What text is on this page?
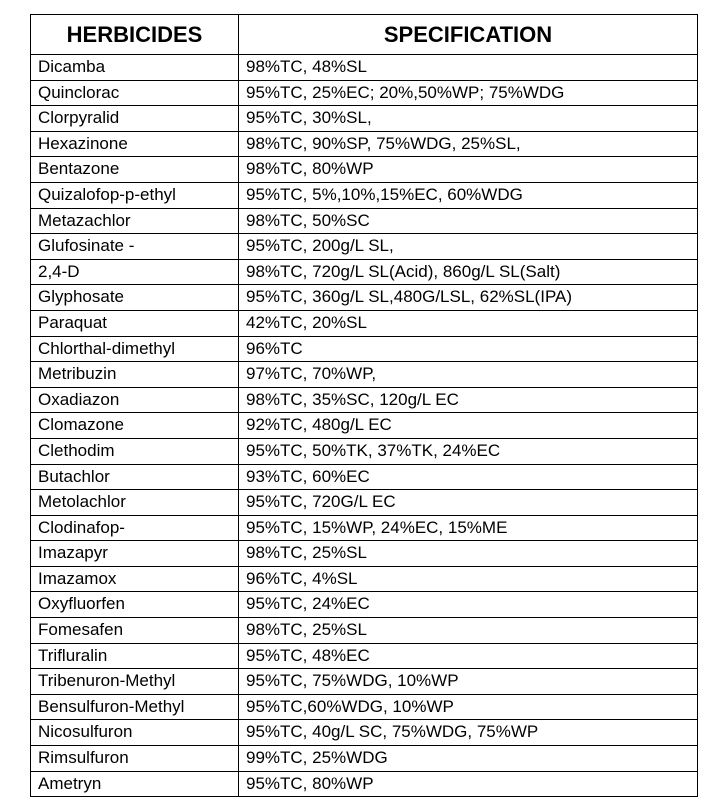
HERBICIDES	SPECIFICATION
Dicamba	98%TC, 48%SL
Quinclorac	95%TC, 25%EC; 20%,50%WP; 75%WDG
Clorpyralid	95%TC, 30%SL,
Hexazinone	98%TC, 90%SP, 75%WDG, 25%SL,
Bentazone	98%TC, 80%WP
Quizalofop-p-ethyl	95%TC, 5%,10%,15%EC, 60%WDG
Metazachlor	98%TC, 50%SC
Glufosinate -	95%TC, 200g/L SL,
2,4-D	98%TC, 720g/L SL(Acid), 860g/L SL(Salt)
Glyphosate	95%TC, 360g/L SL,480G/LSL, 62%SL(IPA)
Paraquat	42%TC, 20%SL
Chlorthal-dimethyl	96%TC
Metribuzin	97%TC, 70%WP,
Oxadiazon	98%TC, 35%SC, 120g/L EC
Clomazone	92%TC, 480g/L EC
Clethodim	95%TC, 50%TK, 37%TK, 24%EC
Butachlor	93%TC, 60%EC
Metolachlor	95%TC, 720G/L EC
Clodinafop-	95%TC, 15%WP, 24%EC, 15%ME
Imazapyr	98%TC, 25%SL
Imazamox	96%TC, 4%SL
Oxyfluorfen	95%TC, 24%EC
Fomesafen	98%TC, 25%SL
Trifluralin	95%TC, 48%EC
Tribenuron-Methyl	95%TC, 75%WDG, 10%WP
Bensulfuron-Methyl	95%TC,60%WDG, 10%WP
Nicosulfuron	95%TC, 40g/L SC, 75%WDG, 75%WP
Rimsulfuron	99%TC, 25%WDG
Ametryn	95%TC, 80%WP
